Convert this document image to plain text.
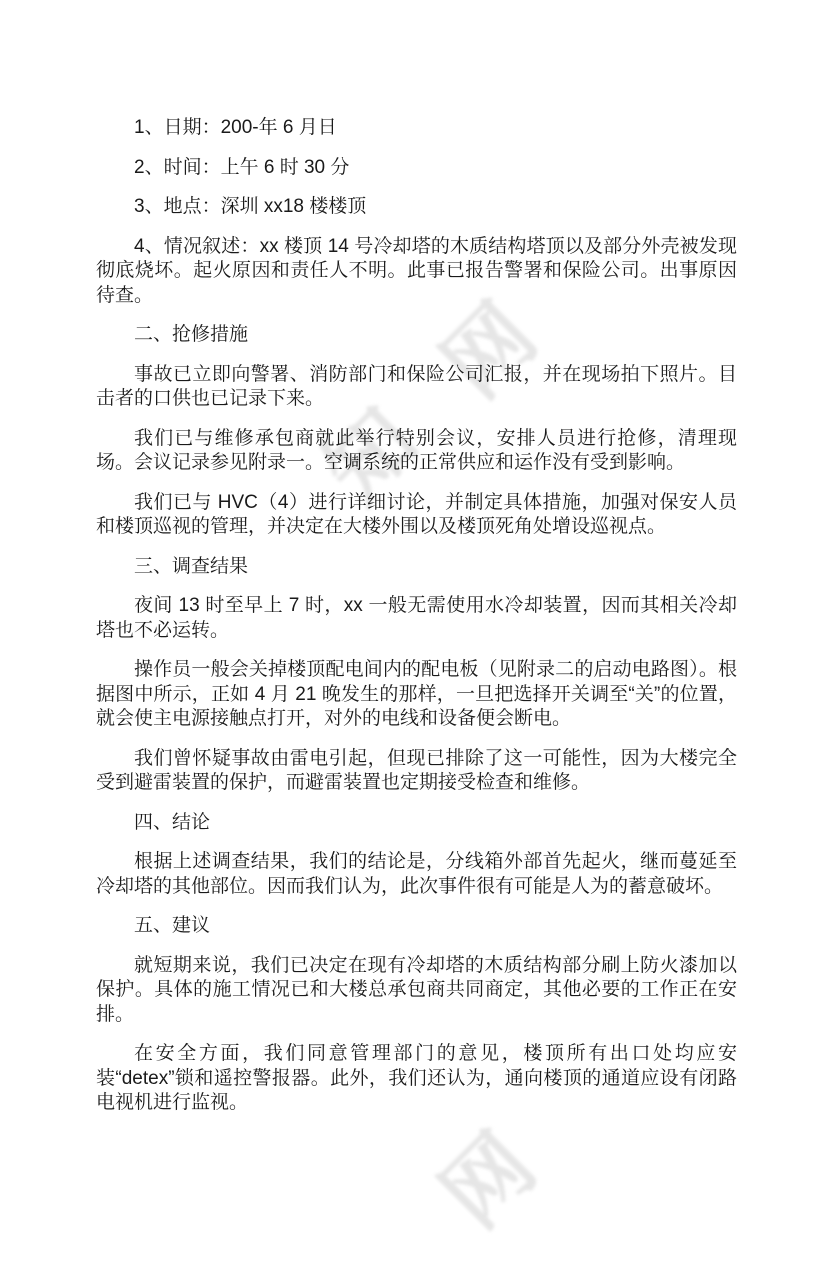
知
网
网

1、日期：200-年 6 月日

2、时间：上午 6 时 30 分

3、地点：深圳 xx18 楼楼顶

4、情况叙述：xx 楼顶 14 号冷却塔的木质结构塔顶以及部分外壳被发现彻底烧坏。起火原因和责任人不明。此事已报告警署和保险公司。出事原因待查。

二、抢修措施

事故已立即向警署、消防部门和保险公司汇报，并在现场拍下照片。目击者的口供也已记录下来。

我们已与维修承包商就此举行特别会议，安排人员进行抢修，清理现场。会议记录参见附录一。空调系统的正常供应和运作没有受到影响。

我们已与 HVC（4）进行详细讨论，并制定具体措施，加强对保安人员和楼顶巡视的管理，并决定在大楼外围以及楼顶死角处增设巡视点。

三、调查结果

夜间 13 时至早上 7 时，xx 一般无需使用水冷却装置，因而其相关冷却塔也不必运转。

操作员一般会关掉楼顶配电间内的配电板（见附录二的启动电路图）。根据图中所示，正如 4 月 21 晚发生的那样，一旦把选择开关调至“关”的位置，就会使主电源接触点打开，对外的电线和设备便会断电。

我们曾怀疑事故由雷电引起，但现已排除了这一可能性，因为大楼完全受到避雷装置的保护，而避雷装置也定期接受检查和维修。

四、结论

根据上述调查结果，我们的结论是，分线箱外部首先起火，继而蔓延至冷却塔的其他部位。因而我们认为，此次事件很有可能是人为的蓄意破坏。

五、建议

就短期来说，我们已决定在现有冷却塔的木质结构部分刷上防火漆加以保护。具体的施工情况已和大楼总承包商共同商定，其他必要的工作正在安排。

在安全方面，我们同意管理部门的意见，楼顶所有出口处均应安装“detex”锁和遥控警报器。此外，我们还认为，通向楼顶的通道应设有闭路电视机进行监视。
